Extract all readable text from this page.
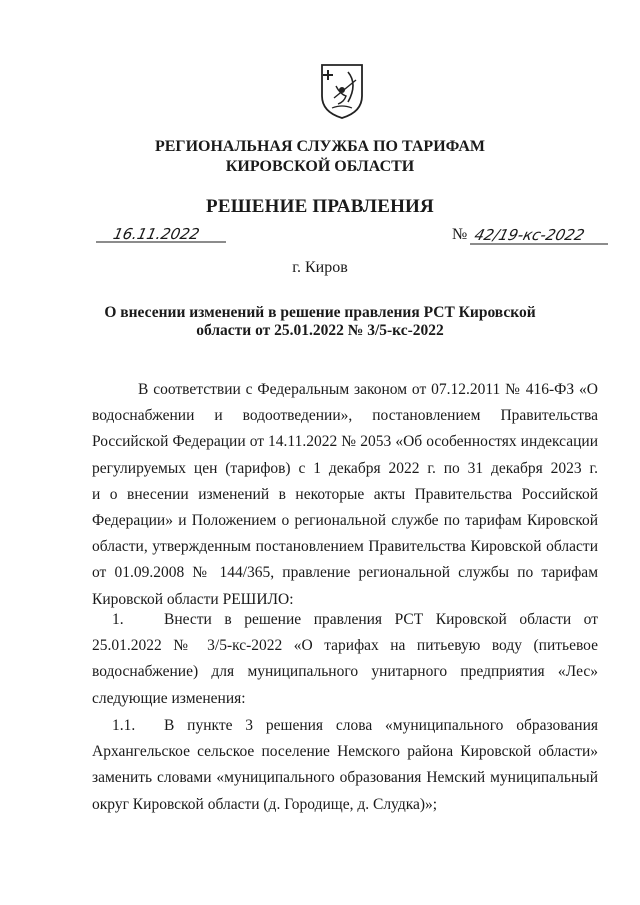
РЕГИОНАЛЬНАЯ СЛУЖБА ПО ТАРИФАМ
КИРОВСКОЙ ОБЛАСТИ
РЕШЕНИЕ ПРАВЛЕНИЯ
16.11.2022	№ 42/19-кс-2022
г. Киров
О внесении изменений в решение правления РСТ Кировской
области от 25.01.2022 № 3/5-кс-2022
В соответствии с Федеральным законом от 07.12.2011 № 416-ФЗ «О
водоснабжении и водоотведении», постановлением Правительства
Российской Федерации от 14.11.2022 № 2053 «Об особенностях индексации
регулируемых цен (тарифов) с 1 декабря 2022 г. по 31 декабря 2023 г.
и о внесении изменений в некоторые акты Правительства Российской
Федерации» и Положением о региональной службе по тарифам Кировской
области, утвержденным постановлением Правительства Кировской области
от 01.09.2008 № 144/365, правление региональной службы по тарифам
Кировской области РЕШИЛО:
1.	Внести в решение правления РСТ Кировской области от
25.01.2022 № 3/5-кс-2022 «О тарифах на питьевую воду (питьевое
водоснабжение) для муниципального унитарного предприятия «Лес»
следующие изменения:
1.1. В пункте 3 решения слова «муниципального образования
Архангельское сельское поселение Немского района Кировской области»
заменить словами «муниципального образования Немский муниципальный
округ Кировской области (д. Городище, д. Слудка)»;
